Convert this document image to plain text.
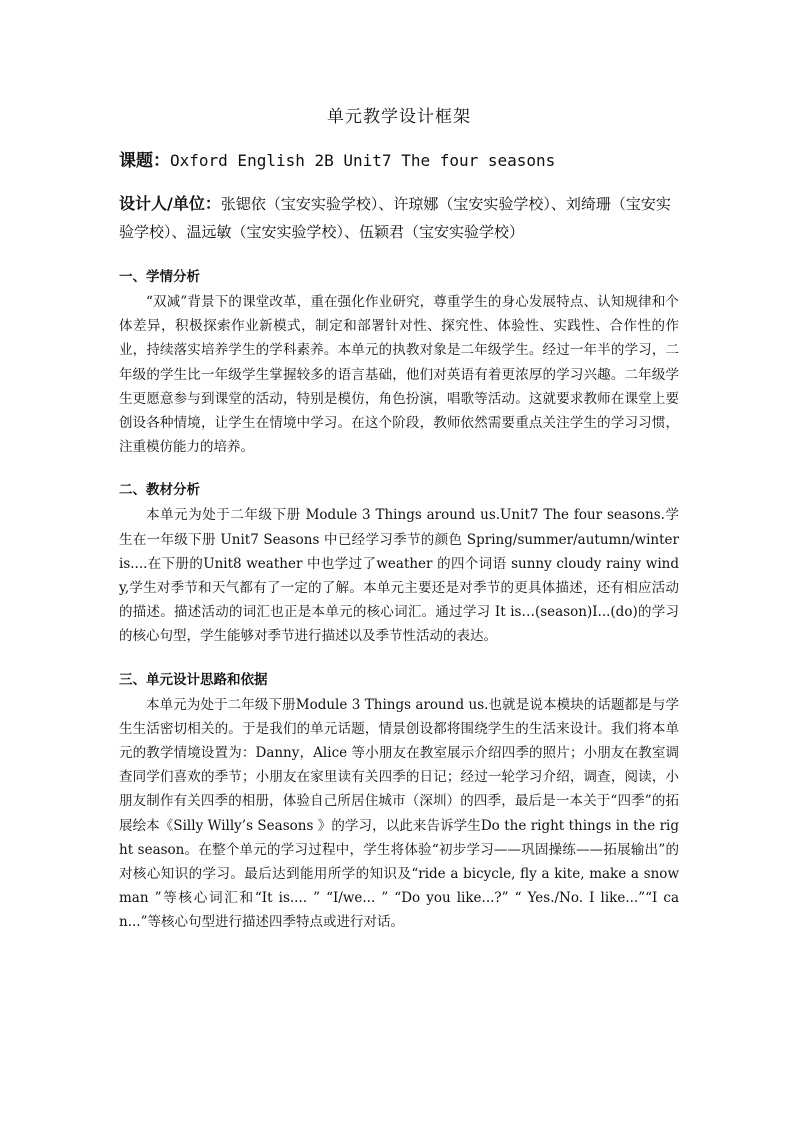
单元教学设计框架
课题：Oxford English 2B Unit7 The four seasons
设计人/单位：张锶依（宝安实验学校）、许琼娜（宝安实验学校）、刘绮珊（宝安实验学校）、温远敏（宝安实验学校）、伍颖君（宝安实验学校）
一、学情分析

“双减”背景下的课堂改革，重在强化作业研究，尊重学生的身心发展特点、认知规律和个体差异，积极探索作业新模式，制定和部署针对性、探究性、体验性、实践性、合作性的作业，持续落实培养学生的学科素养。本单元的执教对象是二年级学生。经过一年半的学习，二年级的学生比一年级学生掌握较多的语言基础，他们对英语有着更浓厚的学习兴趣。二年级学生更愿意参与到课堂的活动，特别是模仿，角色扮演，唱歌等活动。这就要求教师在课堂上要创设各种情境，让学生在情境中学习。在这个阶段，教师依然需要重点关注学生的学习习惯，注重模仿能力的培养。

二、教材分析

本单元为处于二年级下册 Module 3 Things around us.Unit7 The four seasons.学生在一年级下册 Unit7 Seasons 中已经学习季节的颜色 Spring/summer/autumn/winter is....在下册的Unit8 weather 中也学过了weather 的四个词语 sunny cloudy rainy windy,学生对季节和天气都有了一定的了解。本单元主要还是对季节的更具体描述，还有相应活动的描述。描述活动的词汇也正是本单元的核心词汇。通过学习 It is…(season)I...(do)的学习的核心句型，学生能够对季节进行描述以及季节性活动的表达。

三、单元设计思路和依据

本单元为处于二年级下册Module 3 Things around us.也就是说本模块的话题都是与学生生活密切相关的。于是我们的单元话题，情景创设都将围绕学生的生活来设计。我们将本单元的教学情境设置为：Danny，Alice 等小朋友在教室展示介绍四季的照片；小朋友在教室调查同学们喜欢的季节；小朋友在家里读有关四季的日记；经过一轮学习介绍，调查，阅读，小朋友制作有关四季的相册，体验自己所居住城市（深圳）的四季，最后是一本关于“四季”的拓展绘本《Silly Willy’s Seasons 》的学习，以此来告诉学生Do the right things in the right season。在整个单元的学习过程中，学生将体验“初步学习——巩固操练——拓展输出”的对核心知识的学习。最后达到能用所学的知识及“ride a bicycle, fly a kite, make a snowman ”等核心词汇和“It is.... ” “I/we... ” “Do you like...?” “ Yes./No. I like...”“I can...”等核心句型进行描述四季特点或进行对话。
